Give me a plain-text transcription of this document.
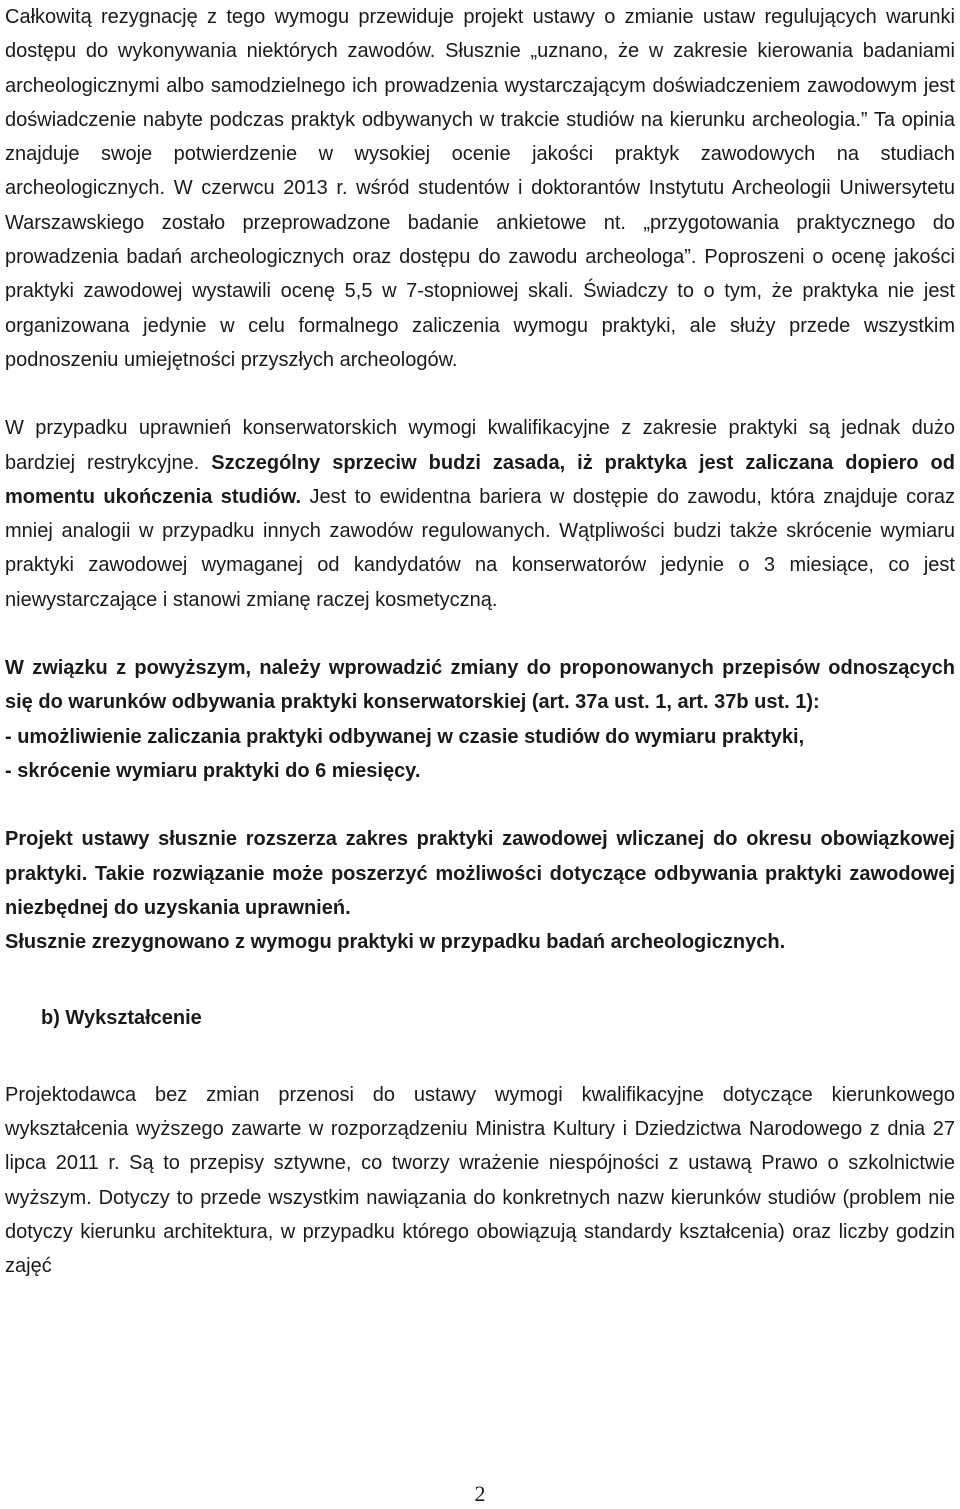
Całkowitą rezygnację z tego wymogu przewiduje projekt ustawy o zmianie ustaw regulujących warunki dostępu do wykonywania niektórych zawodów. Słusznie „uznano, że w zakresie kierowania badaniami archeologicznymi albo samodzielnego ich prowadzenia wystarczającym doświadczeniem zawodowym jest doświadczenie nabyte podczas praktyk odbywanych w trakcie studiów na kierunku archeologia.” Ta opinia znajduje swoje potwierdzenie w wysokiej ocenie jakości praktyk zawodowych na studiach archeologicznych. W czerwcu 2013 r. wśród studentów i doktorantów Instytutu Archeologii Uniwersytetu Warszawskiego zostało przeprowadzone badanie ankietowe nt. „przygotowania praktycznego do prowadzenia badań archeologicznych oraz dostępu do zawodu archeologa”. Poproszeni o ocenę jakości praktyki zawodowej wystawili ocenę 5,5 w 7-stopniowej skali. Świadczy to o tym, że praktyka nie jest organizowana jedynie w celu formalnego zaliczenia wymogu praktyki, ale służy przede wszystkim podnoszeniu umiejętności przyszłych archeologów.

W przypadku uprawnień konserwatorskich wymogi kwalifikacyjne z zakresie praktyki są jednak dużo bardziej restrykcyjne. Szczególny sprzeciw budzi zasada, iż praktyka jest zaliczana dopiero od momentu ukończenia studiów. Jest to ewidentna bariera w dostępie do zawodu, która znajduje coraz mniej analogii w przypadku innych zawodów regulowanych. Wątpliwości budzi także skrócenie wymiaru praktyki zawodowej wymaganej od kandydatów na konserwatorów jedynie o 3 miesiące, co jest niewystarczające i stanowi zmianę raczej kosmetyczną.

W związku z powyższym, należy wprowadzić zmiany do proponowanych przepisów odnoszących się do warunków odbywania praktyki konserwatorskiej (art. 37a ust. 1, art. 37b ust. 1):

- umożliwienie zaliczania praktyki odbywanej w czasie studiów do wymiaru praktyki,

- skrócenie wymiaru praktyki do 6 miesięcy.

Projekt ustawy słusznie rozszerza zakres praktyki zawodowej wliczanej do okresu obowiązkowej praktyki. Takie rozwiązanie może poszerzyć możliwości dotyczące odbywania praktyki zawodowej niezbędnej do uzyskania uprawnień.

Słusznie zrezygnowano z wymogu praktyki w przypadku badań archeologicznych.

b) Wykształcenie

Projektodawca bez zmian przenosi do ustawy wymogi kwalifikacyjne dotyczące kierunkowego wykształcenia wyższego zawarte w rozporządzeniu Ministra Kultury i Dziedzictwa Narodowego z dnia 27 lipca 2011 r. Są to przepisy sztywne, co tworzy wrażenie niespójności z ustawą Prawo o szkolnictwie wyższym. Dotyczy to przede wszystkim nawiązania do konkretnych nazw kierunków studiów (problem nie dotyczy kierunku architektura, w przypadku którego obowiązują standardy kształcenia) oraz liczby godzin zajęć

2
